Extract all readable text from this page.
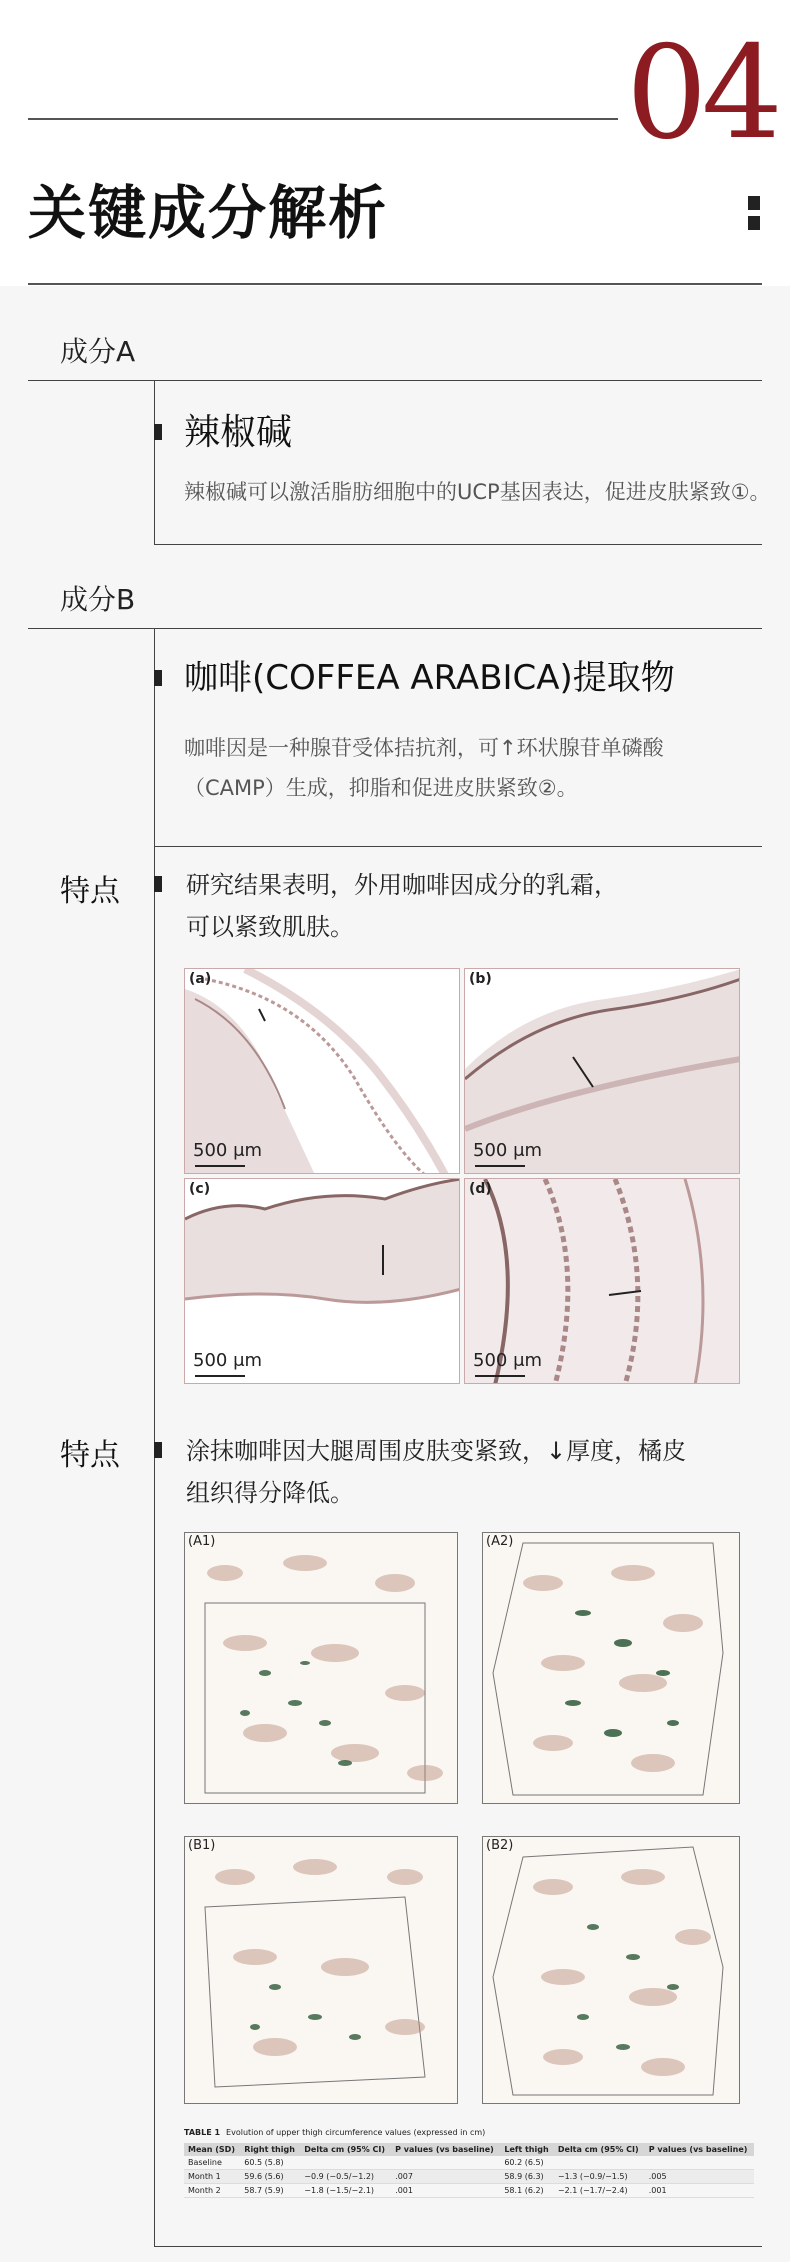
04
关键成分解析
成分A
辣椒碱
辣椒碱可以激活脂肪细胞中的UCP基因表达，促进皮肤紧致①。
成分B
咖啡(COFFEA ARABICA)提取物
咖啡因是一种腺苷受体拮抗剂，可↑环状腺苷单磷酸
（CAMP）生成，抑脂和促进皮肤紧致②。
特点	研究结果表明，外用咖啡因成分的乳霜，
可以紧致肌肤。
(a)
500 μm
(b)
500 μm
(c)
500 μm
(d)
500 μm
特点	涂抹咖啡因大腿周围皮肤变紧致，↓厚度，橘皮
组织得分降低。
(A1)	(A2)
(B1)	(B2)
TABLE 1 Evolution of upper thigh circumference values (expressed in cm)
Mean (SD)	Right thigh	Delta cm (95% CI)	P values (vs baseline)	Left thigh	Delta cm (95% CI)	P values (vs baseline)
Baseline	60.5 (5.8)			60.2 (6.5)		
Month 1	59.6 (5.6)	−0.9 (−0.5/−1.2)	.007	58.9 (6.3)	−1.3 (−0.9/−1.5)	.005
Month 2	58.7 (5.9)	−1.8 (−1.5/−2.1)	.001	58.1 (6.2)	−2.1 (−1.7/−2.4)	.001
